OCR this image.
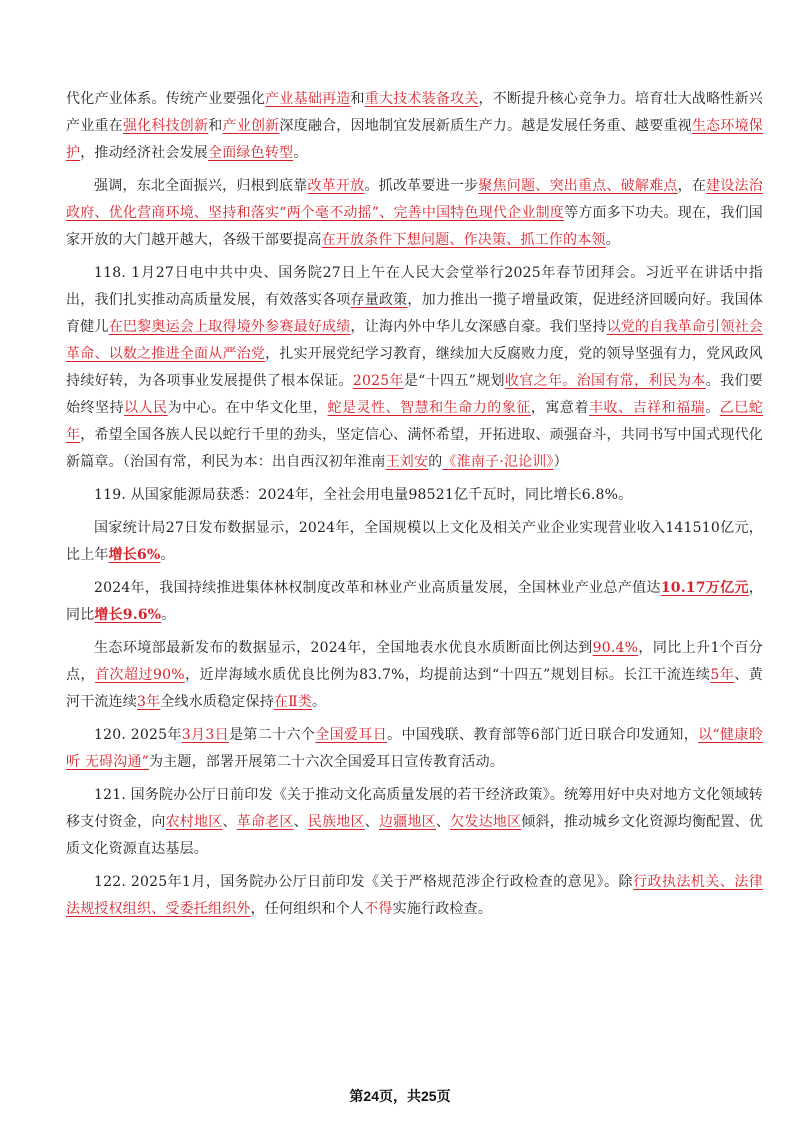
代化产业体系。传统产业要强化产业基础再造和重大技术装备攻关，不断提升核心竞争力。培育壮大战略性新兴产业重在强化科技创新和产业创新深度融合，因地制宜发展新质生产力。越是发展任务重、越要重视生态环境保护，推动经济社会发展全面绿色转型。

强调，东北全面振兴，归根到底靠改革开放。抓改革要进一步聚焦问题、突出重点、破解难点，在建设法治政府、优化营商环境、坚持和落实“两个毫不动摇”、完善中国特色现代企业制度等方面多下功夫。现在，我们国家开放的大门越开越大，各级干部要提高在开放条件下想问题、作决策、抓工作的本领。

118. 1月27日电中共中央、国务院27日上午在人民大会堂举行2025年春节团拜会。习近平在讲话中指出，我们扎实推动高质量发展，有效落实各项存量政策，加力推出一揽子增量政策，促进经济回暖向好。我国体育健儿在巴黎奥运会上取得境外参赛最好成绩，让海内外中华儿女深感自豪。我们坚持以党的自我革命引领社会革命、以数之推进全面从严治党，扎实开展党纪学习教育，继续加大反腐败力度，党的领导坚强有力，党风政风持续好转，为各项事业发展提供了根本保证。2025年是“十四五”规划收官之年。治国有常，利民为本。我们要始终坚持以人民为中心。在中华文化里，蛇是灵性、智慧和生命力的象征，寓意着丰收、吉祥和福瑞。乙巳蛇年，希望全国各族人民以蛇行千里的劲头，坚定信心、满怀希望，开拓进取、顽强奋斗，共同书写中国式现代化新篇章。（治国有常，利民为本：出自西汉初年淮南王刘安的《淮南子·氾论训》）

119. 从国家能源局获悉：2024年，全社会用电量98521亿千瓦时，同比增长6.8%。

国家统计局27日发布数据显示，2024年，全国规模以上文化及相关产业企业实现营业收入141510亿元，比上年增长6%。

2024年，我国持续推进集体林权制度改革和林业产业高质量发展，全国林业产业总产值达10.17万亿元，同比增长9.6%。

生态环境部最新发布的数据显示，2024年，全国地表水优良水质断面比例达到90.4%，同比上升1个百分点，首次超过90%，近岸海域水质优良比例为83.7%，均提前达到“十四五”规划目标。长江干流连续5年、黄河干流连续3年全线水质稳定保持在Ⅱ类。

120. 2025年3月3日是第二十六个全国爱耳日。中国残联、教育部等6部门近日联合印发通知，以“健康聆听 无碍沟通”为主题，部署开展第二十六次全国爱耳日宣传教育活动。

121. 国务院办公厅日前印发《关于推动文化高质量发展的若干经济政策》。统筹用好中央对地方文化领域转移支付资金，向农村地区、革命老区、民族地区、边疆地区、欠发达地区倾斜，推动城乡文化资源均衡配置、优质文化资源直达基层。

122. 2025年1月，国务院办公厅日前印发《关于严格规范涉企行政检查的意见》。除行政执法机关、法律法规授权组织、受委托组织外，任何组织和个人不得实施行政检查。

第24页，共25页
